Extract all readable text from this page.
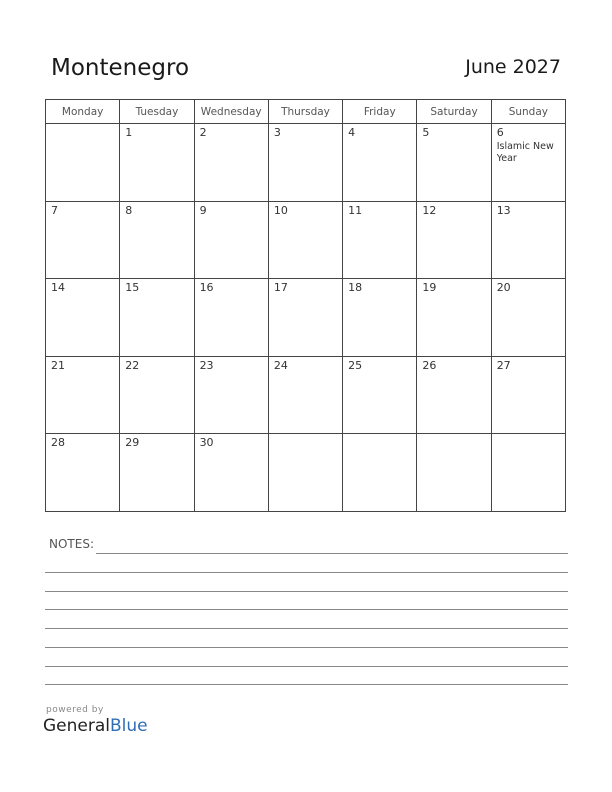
Montenegro	June 2027
Monday	Tuesday	Wednesday	Thursday	Friday	Saturday	Sunday

	1	2	3	4	5	6
Islamic New Year

7	8	9	10	11	12	13

14	15	16	17	18	19	20

21	22	23	24	25	26	27

28	29	30				

NOTES:
powered by
GeneralBlue
